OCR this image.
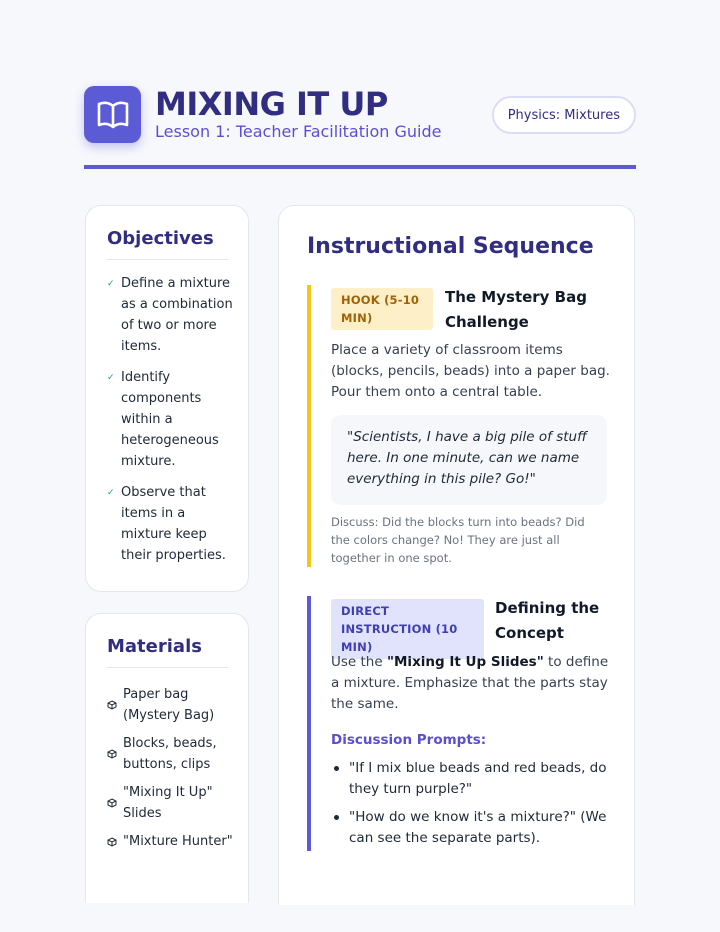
MIXING IT UP
Lesson 1: Teacher Facilitation Guide
Physics: Mixtures
Objectives
✓ Define a mixture as a combination of two or more items.
✓ Identify components within a heterogeneous mixture.
✓ Observe that items in a mixture keep their properties.
Materials
Paper bag (Mystery Bag)
Blocks, beads, buttons, clips
"Mixing It Up" Slides
"Mixture Hunter"
Instructional Sequence
HOOK (5-10 MIN)
The Mystery Bag Challenge
Place a variety of classroom items (blocks, pencils, beads) into a paper bag. Pour them onto a central table.
"Scientists, I have a big pile of stuff here. In one minute, can we name everything in this pile? Go!"
Discuss: Did the blocks turn into beads? Did the colors change? No! They are just all together in one spot.
DIRECT INSTRUCTION (10 MIN)
Defining the Concept
Use the "Mixing It Up Slides" to define a mixture. Emphasize that the parts stay the same.
Discussion Prompts:
"If I mix blue beads and red beads, do they turn purple?"
"How do we know it's a mixture?" (We can see the separate parts).
